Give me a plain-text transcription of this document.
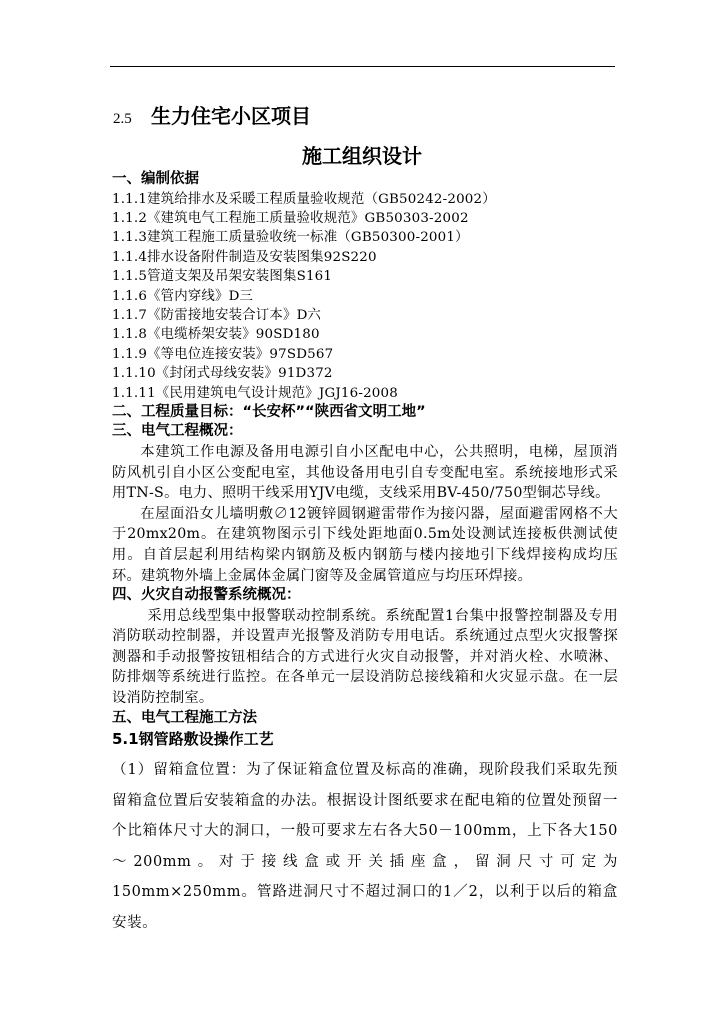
2.5 生力住宅小区项目
施工组织设计
一、编制依据
1.1.1建筑给排水及采暖工程质量验收规范（GB50242-2002）
1.1.2《建筑电气工程施工质量验收规范》GB50303-2002
1.1.3建筑工程施工质量验收统一标准（GB50300-2001）
1.1.4排水设备附件制造及安装图集92S220
1.1.5管道支架及吊架安装图集S161
1.1.6《管内穿线》D三
1.1.7《防雷接地安装合订本》D六
1.1.8《电缆桥架安装》90SD180
1.1.9《等电位连接安装》97SD567
1.1.10《封闭式母线安装》91D372
1.1.11《民用建筑电气设计规范》JGJ16-2008
二、工程质量目标：“长安杯”“陕西省文明工地”
三、电气工程概况：
本建筑工作电源及备用电源引自小区配电中心，公共照明，电梯，屋顶消防风机引自小区公变配电室，其他设备用电引自专变配电室。系统接地形式采用TN-S。电力、照明干线采用YJV电缆，支线采用BV-450/750型铜芯导线。
在屋面沿女儿墙明敷∅12镀锌圆钢避雷带作为接闪器，屋面避雷网格不大于20mx20m。在建筑物图示引下线处距地面0.5m处设测试连接板供测试使用。自首层起利用结构梁内钢筋及板内钢筋与楼内接地引下线焊接构成均压环。建筑物外墙上金属体金属门窗等及金属管道应与均压环焊接。
四、火灾自动报警系统概况：
采用总线型集中报警联动控制系统。系统配置1台集中报警控制器及专用消防联动控制器，并设置声光报警及消防专用电话。系统通过点型火灾报警探测器和手动报警按钮相结合的方式进行火灾自动报警，并对消火栓、水喷淋、防排烟等系统进行监控。在各单元一层设消防总接线箱和火灾显示盘。在一层设消防控制室。
五、电气工程施工方法
5.1钢管路敷设操作工艺
（1）留箱盒位置：为了保证箱盒位置及标高的准确，现阶段我们采取先预留箱盒位置后安装箱盒的办法。根据设计图纸要求在配电箱的位置处预留一个比箱体尺寸大的洞口，一般可要求左右各大50－100mm，上下各大150～200mm。对于接线盒或开关插座盒，留洞尺寸可定为150mm×250mm。管路进洞尺寸不超过洞口的1／2，以利于以后的箱盒安装。
